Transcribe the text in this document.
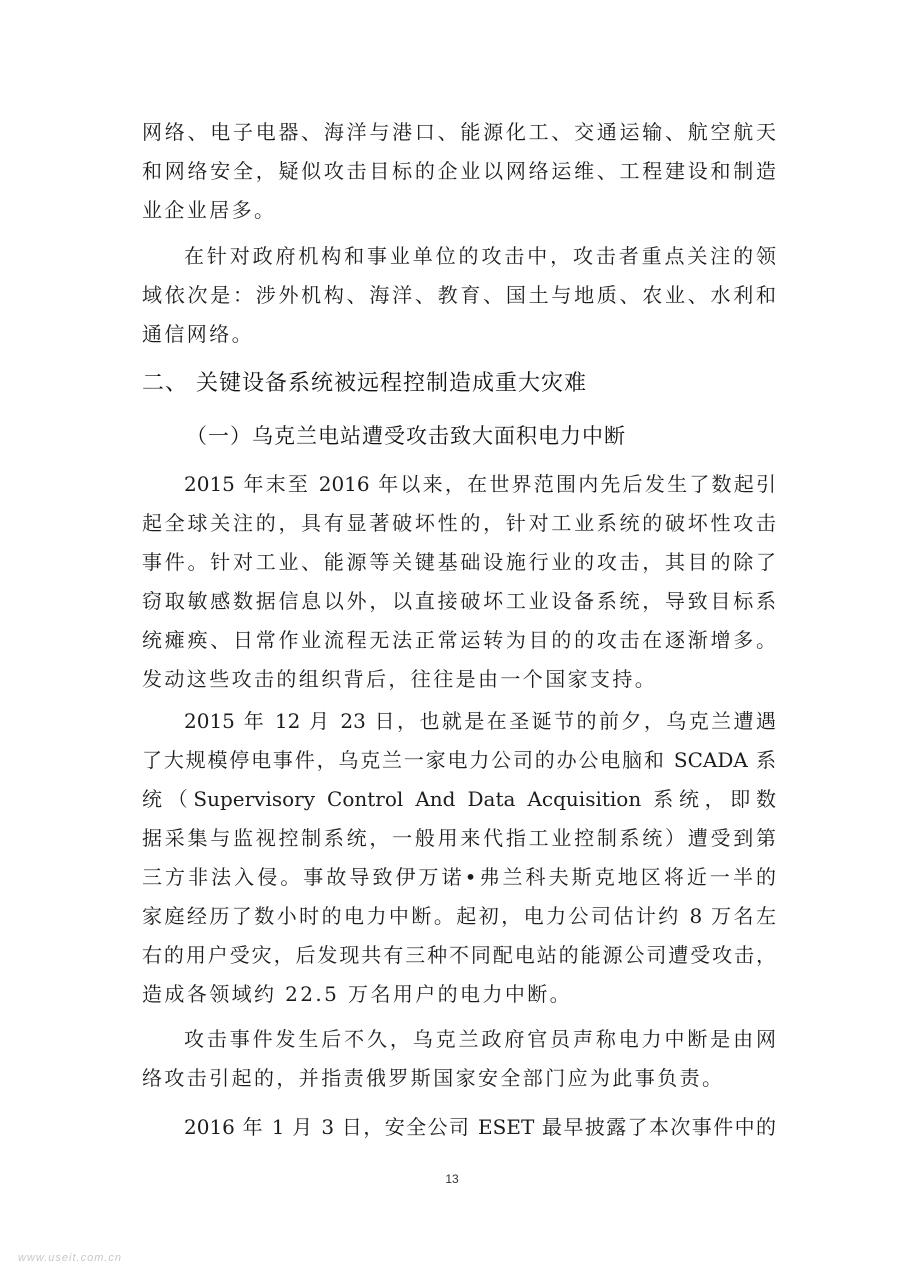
网络、电子电器、海洋与港口、能源化工、交通运输、航空航天
和网络安全，疑似攻击目标的企业以网络运维、工程建设和制造
业企业居多。
在针对政府机构和事业单位的攻击中，攻击者重点关注的领
域依次是：涉外机构、海洋、教育、国土与地质、农业、水利和
通信网络。
二、 关键设备系统被远程控制造成重大灾难
（一）乌克兰电站遭受攻击致大面积电力中断
2015 年末至 2016 年以来，在世界范围内先后发生了数起引
起全球关注的，具有显著破坏性的，针对工业系统的破坏性攻击
事件。针对工业、能源等关键基础设施行业的攻击，其目的除了
窃取敏感数据信息以外，以直接破坏工业设备系统，导致目标系
统瘫痪、日常作业流程无法正常运转为目的的攻击在逐渐增多。
发动这些攻击的组织背后，往往是由一个国家支持。
2015 年 12 月 23 日，也就是在圣诞节的前夕，乌克兰遭遇
了大规模停电事件，乌克兰一家电力公司的办公电脑和 SCADA 系
统（Supervisory Control And Data Acquisition 系统，即数
据采集与监视控制系统，一般用来代指工业控制系统）遭受到第
三方非法入侵。事故导致伊万诺•弗兰科夫斯克地区将近一半的
家庭经历了数小时的电力中断。起初，电力公司估计约 8 万名左
右的用户受灾，后发现共有三种不同配电站的能源公司遭受攻击，
造成各领域约 22.5 万名用户的电力中断。
攻击事件发生后不久，乌克兰政府官员声称电力中断是由网
络攻击引起的，并指责俄罗斯国家安全部门应为此事负责。
2016 年 1 月 3 日，安全公司 ESET 最早披露了本次事件中的
13
www.useit.com.cn
